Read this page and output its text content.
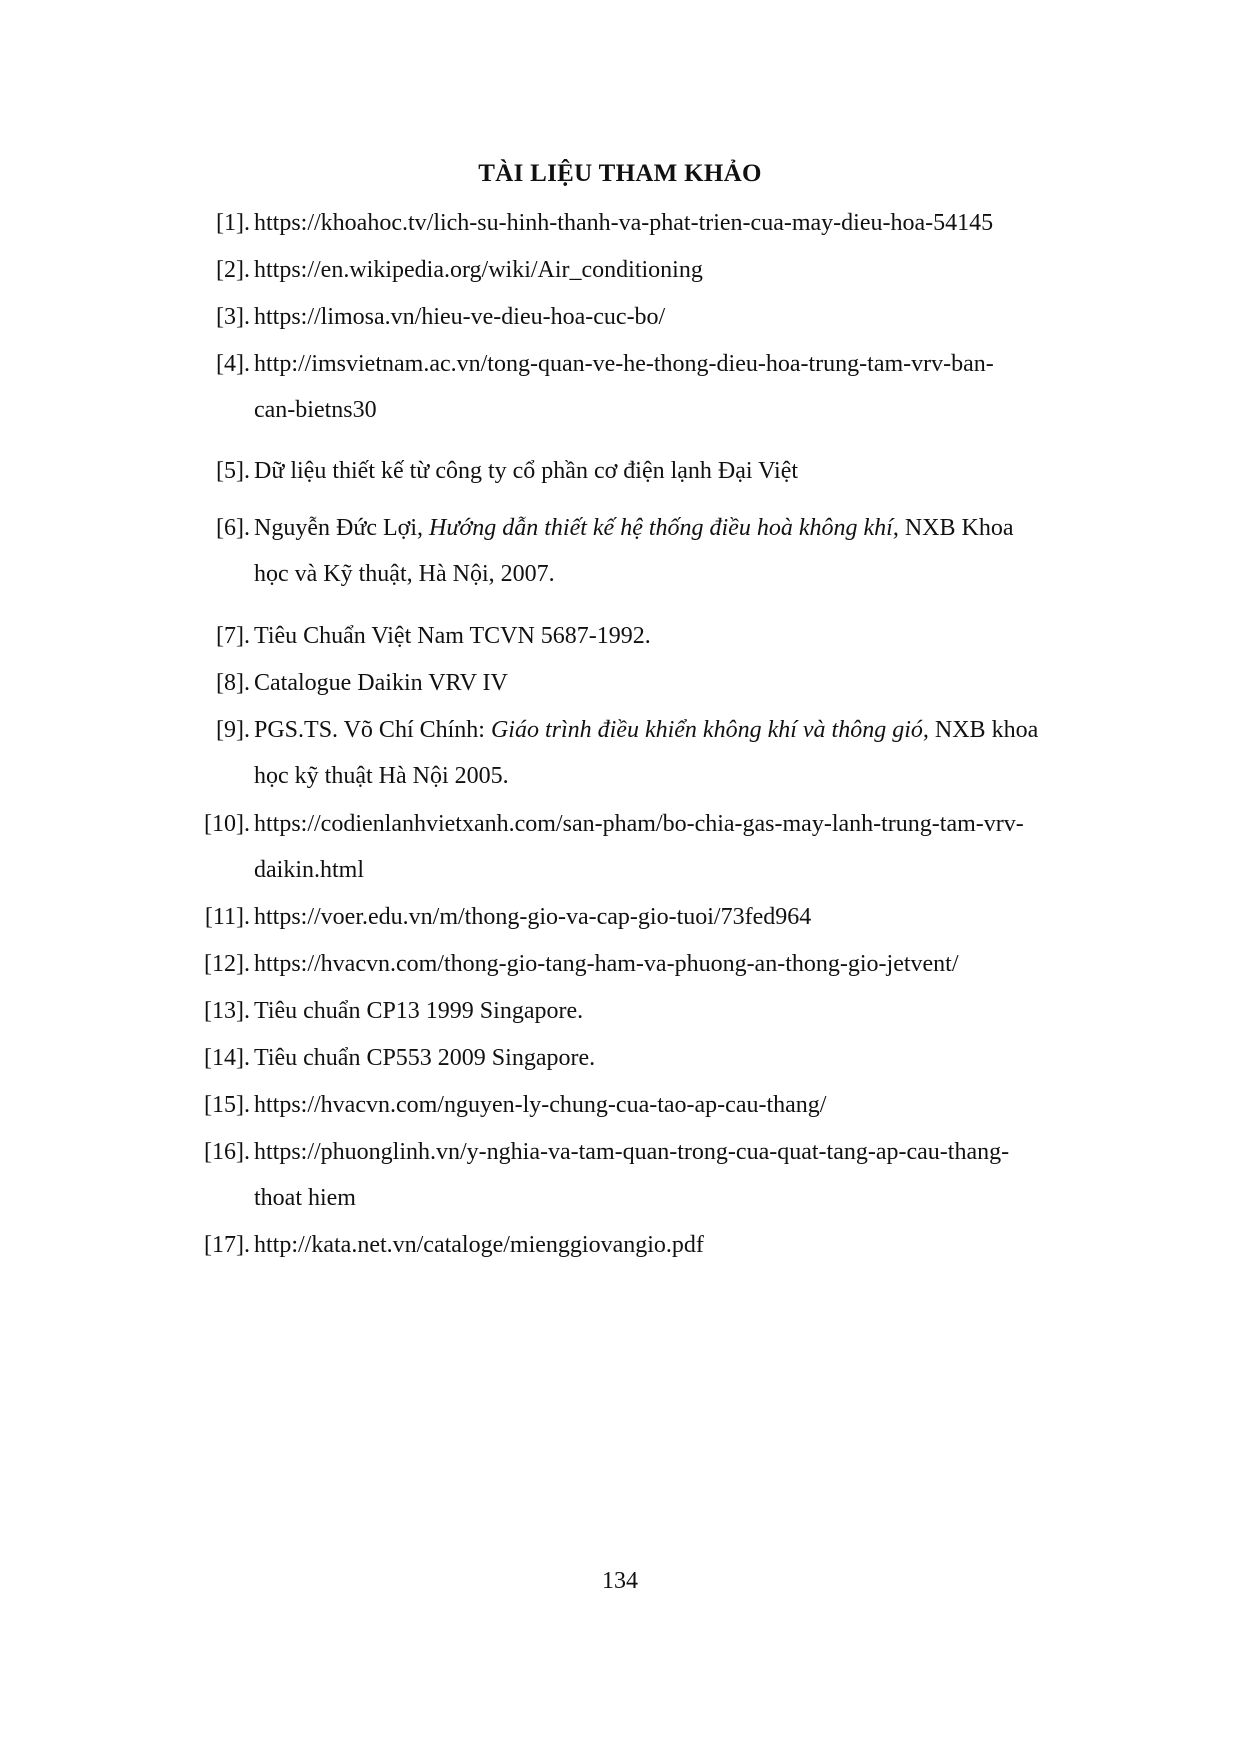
TÀI LIỆU THAM KHẢO
[1]. https://khoahoc.tv/lich-su-hinh-thanh-va-phat-trien-cua-may-dieu-hoa-54145
[2]. https://en.wikipedia.org/wiki/Air_conditioning
[3]. https://limosa.vn/hieu-ve-dieu-hoa-cuc-bo/
[4]. http://imsvietnam.ac.vn/tong-quan-ve-he-thong-dieu-hoa-trung-tam-vrv-ban-
can-bietns30
[5]. Dữ liệu thiết kế từ công ty cổ phần cơ điện lạnh Đại Việt
[6]. Nguyễn Đức Lợi, Hướng dẫn thiết kế hệ thống điều hoà không khí, NXB Khoa
học và Kỹ thuật, Hà Nội, 2007.
[7]. Tiêu Chuẩn Việt Nam TCVN 5687-1992.
[8]. Catalogue Daikin VRV IV
[9]. PGS.TS. Võ Chí Chính: Giáo trình điều khiển không khí và thông gió, NXB khoa
học kỹ thuật Hà Nội 2005.
[10]. https://codienlanhvietxanh.com/san-pham/bo-chia-gas-may-lanh-trung-tam-vrv-
daikin.html
[11]. https://voer.edu.vn/m/thong-gio-va-cap-gio-tuoi/73fed964
[12]. https://hvacvn.com/thong-gio-tang-ham-va-phuong-an-thong-gio-jetvent/
[13]. Tiêu chuẩn CP13 1999 Singapore.
[14]. Tiêu chuẩn CP553 2009 Singapore.
[15]. https://hvacvn.com/nguyen-ly-chung-cua-tao-ap-cau-thang/
[16]. https://phuonglinh.vn/y-nghia-va-tam-quan-trong-cua-quat-tang-ap-cau-thang-
thoat hiem
[17]. http://kata.net.vn/cataloge/mienggiovangio.pdf
134
